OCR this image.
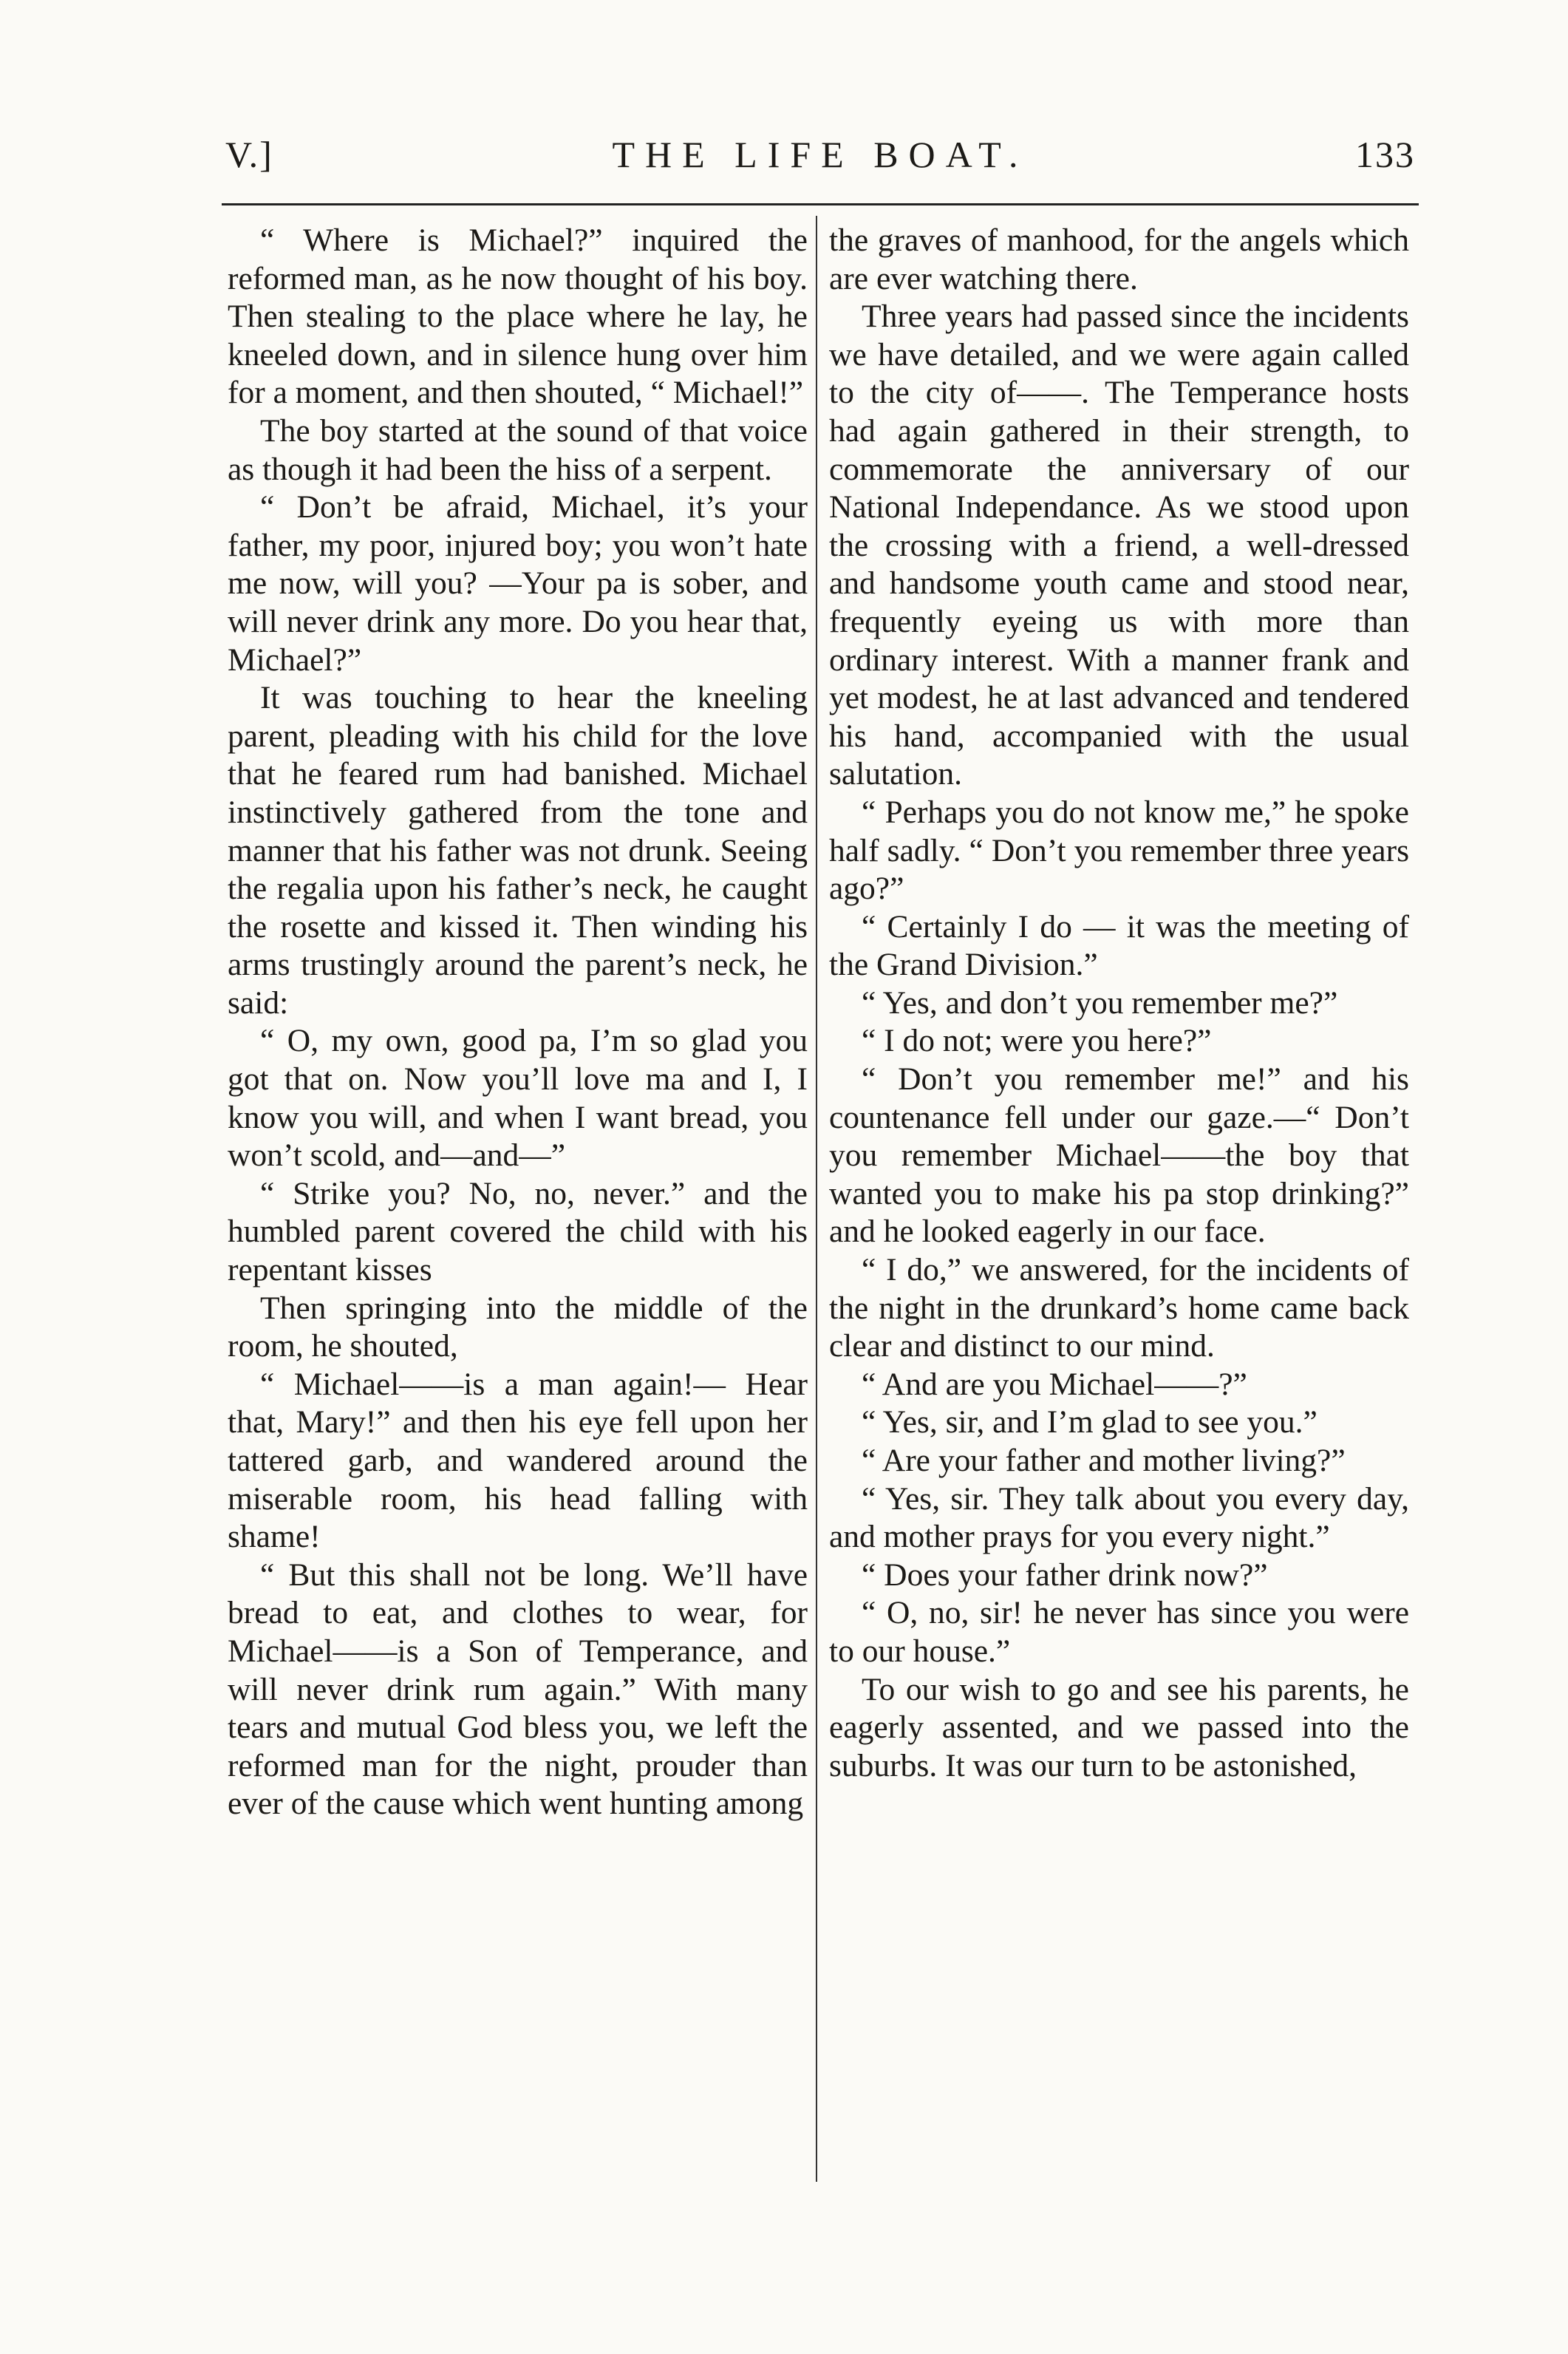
V.]	THE LIFE BOAT.	133

“ Where is Michael?” inquired the reformed man, as he now thought of his boy. Then stealing to the place where he lay, he kneeled down, and in silence hung over him for a moment, and then shouted, “ Michael!”

The boy started at the sound of that voice as though it had been the hiss of a serpent.

“ Don’t be afraid, Michael, it’s your father, my poor, injured boy; you won’t hate me now, will you? —Your pa is sober, and will never drink any more. Do you hear that, Michael?”

It was touching to hear the kneeling parent, pleading with his child for the love that he feared rum had banished. Michael instinctively gathered from the tone and manner that his father was not drunk. Seeing the regalia upon his father’s neck, he caught the rosette and kissed it. Then winding his arms trustingly around the parent’s neck, he said:

“ O, my own, good pa, I’m so glad you got that on. Now you’ll love ma and I, I know you will, and when I want bread, you won’t scold, and—and—”

“ Strike you? No, no, never.” and the humbled parent covered the child with his repentant kisses

Then springing into the middle of the room, he shouted,

“ Michael——is a man again!— Hear that, Mary!” and then his eye fell upon her tattered garb, and wandered around the miserable room, his head falling with shame!

“ But this shall not be long. We’ll have bread to eat, and clothes to wear, for Michael——is a Son of Temperance, and will never drink rum again.” With many tears and mutual God bless you, we left the reformed man for the night, prouder than ever of the cause which went hunting among

the graves of manhood, for the angels which are ever watching there.

Three years had passed since the incidents we have detailed, and we were again called to the city of——. The Temperance hosts had again gathered in their strength, to commemorate the anniversary of our National Independance. As we stood upon the crossing with a friend, a well-dressed and handsome youth came and stood near, frequently eyeing us with more than ordinary interest. With a manner frank and yet modest, he at last advanced and tendered his hand, accompanied with the usual salutation.

“ Perhaps you do not know me,” he spoke half sadly. “ Don’t you remember three years ago?”

“ Certainly I do — it was the meeting of the Grand Division.”

“ Yes, and don’t you remember me?”

“ I do not; were you here?”

“ Don’t you remember me!” and his countenance fell under our gaze.—“ Don’t you remember Michael——the boy that wanted you to make his pa stop drinking?” and he looked eagerly in our face.

“ I do,” we answered, for the incidents of the night in the drunkard’s home came back clear and distinct to our mind.

“ And are you Michael——?”

“ Yes, sir, and I’m glad to see you.”

“ Are your father and mother living?”

“ Yes, sir. They talk about you every day, and mother prays for you every night.”

“ Does your father drink now?”

“ O, no, sir! he never has since you were to our house.”

To our wish to go and see his parents, he eagerly assented, and we passed into the suburbs. It was our turn to be astonished,
